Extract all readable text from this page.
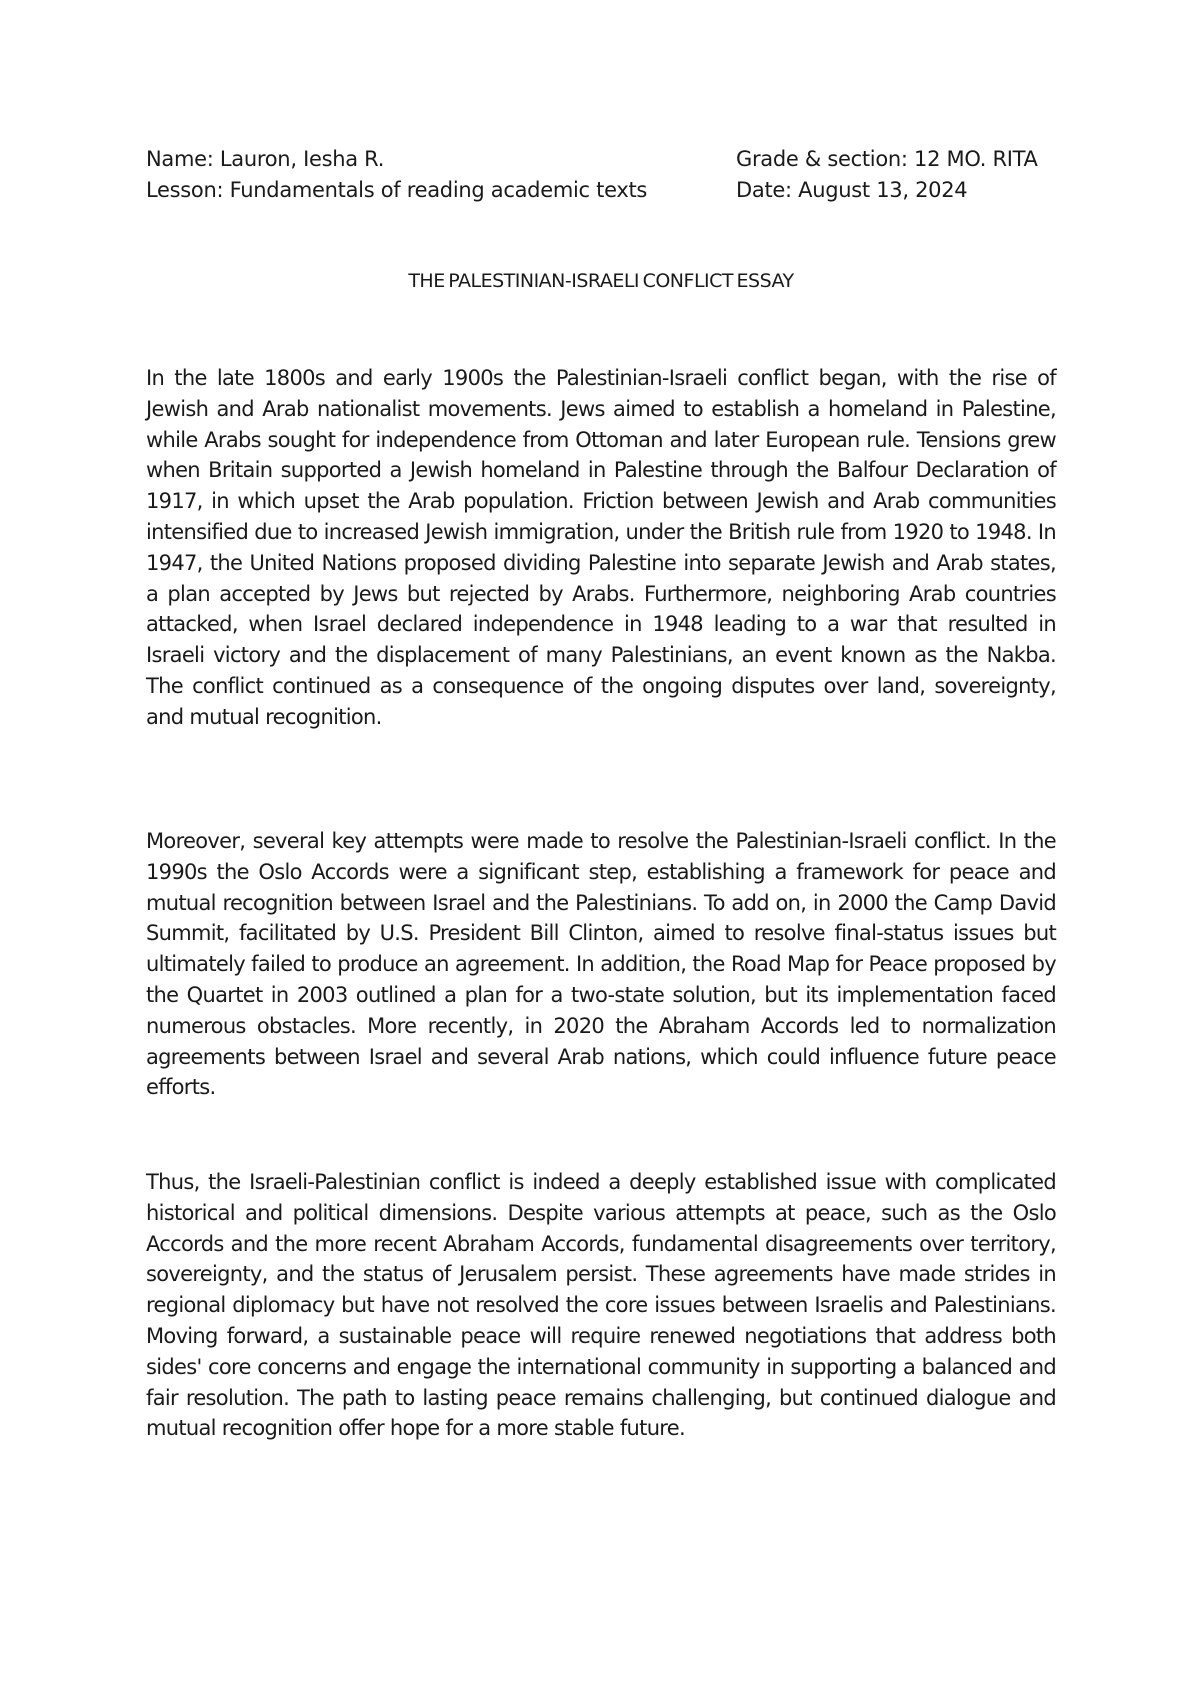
Name: Lauron, Iesha R.
Lesson: Fundamentals of reading academic texts
Grade & section: 12 MO. RITA
Date: August 13, 2024
THE PALESTINIAN-ISRAELI CONFLICT ESSAY

In the late 1800s and early 1900s the Palestinian-Israeli conflict began, with the rise of Jewish and Arab nationalist movements. Jews aimed to establish a homeland in Palestine, while Arabs sought for independence from Ottoman and later European rule. Tensions grew when Britain supported a Jewish homeland in Palestine through the Balfour Declaration of 1917, in which upset the Arab population. Friction between Jewish and Arab communities intensified due to increased Jewish immigration, under the British rule from 1920 to 1948. In 1947, the United Nations proposed dividing Palestine into separate Jewish and Arab states, a plan accepted by Jews but rejected by Arabs. Furthermore, neighboring Arab countries attacked, when Israel declared independence in 1948 leading to a war that resulted in Israeli victory and the displacement of many Palestinians, an event known as the Nakba. The conflict continued as a consequence of the ongoing disputes over land, sovereignty, and mutual recognition.

Moreover, several key attempts were made to resolve the Palestinian-Israeli conflict. In the 1990s the Oslo Accords were a significant step, establishing a framework for peace and mutual recognition between Israel and the Palestinians. To add on, in 2000 the Camp David Summit, facilitated by U.S. President Bill Clinton, aimed to resolve final-status issues but ultimately failed to produce an agreement. In addition, the Road Map for Peace proposed by the Quartet in 2003 outlined a plan for a two-state solution, but its implementation faced numerous obstacles. More recently, in 2020 the Abraham Accords led to normalization agreements between Israel and several Arab nations, which could influence future peace efforts.

Thus, the Israeli-Palestinian conflict is indeed a deeply established issue with complicated historical and political dimensions. Despite various attempts at peace, such as the Oslo Accords and the more recent Abraham Accords, fundamental disagreements over territory, sovereignty, and the status of Jerusalem persist. These agreements have made strides in regional diplomacy but have not resolved the core issues between Israelis and Palestinians. Moving forward, a sustainable peace will require renewed negotiations that address both sides' core concerns and engage the international community in supporting a balanced and fair resolution. The path to lasting peace remains challenging, but continued dialogue and mutual recognition offer hope for a more stable future.
